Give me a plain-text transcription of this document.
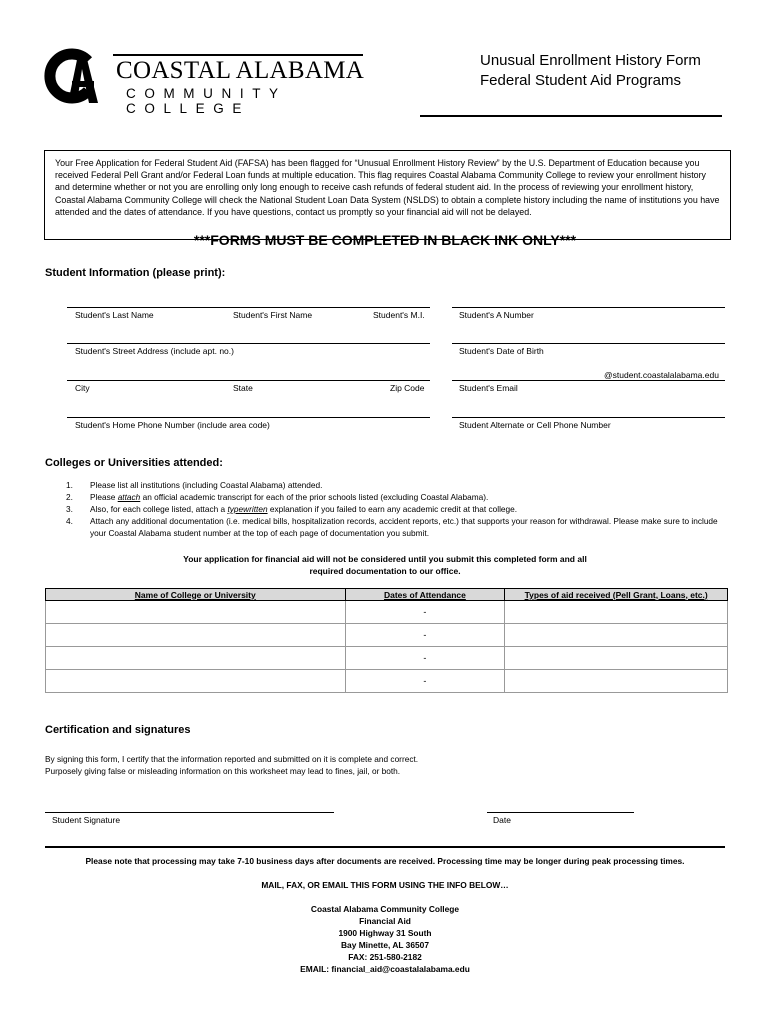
COASTAL ALABAMA
COMMUNITY COLLEGE
Unusual Enrollment History Form
Federal Student Aid Programs
Your Free Application for Federal Student Aid (FAFSA) has been flagged for “Unusual Enrollment History Review” by the U.S. Department of Education because you received Federal Pell Grant and/or Federal Loan funds at multiple education. This flag requires Coastal Alabama Community College to review your enrollment history and determine whether or not you are enrolling only long enough to receive cash refunds of federal student aid. In the process of reviewing your enrollment history, Coastal Alabama Community College will check the National Student Loan Data System (NSLDS) to obtain a complete history including the name of institutions you have attended and the dates of attendance. If you have questions, contact us promptly so your financial aid will not be delayed.
***FORMS MUST BE COMPLETED IN BLACK INK ONLY***
Student Information (please print):
Student's Last Name	Student's First Name	Student's M.I.	Student's A Number
Student's Street Address (include apt. no.)	Student's Date of Birth
@student.coastalalabama.edu
City	State	Zip Code	Student's Email
Student's Home Phone Number (include area code)	Student Alternate or Cell Phone Number
Colleges or Universities attended:
1.	Please list all institutions (including Coastal Alabama) attended.
2.	Please attach an official academic transcript for each of the prior schools listed (excluding Coastal Alabama).
3.	Also, for each college listed, attach a typewritten explanation if you failed to earn any academic credit at that college.
4.	Attach any additional documentation (i.e. medical bills, hospitalization records, accident reports, etc.) that supports your reason for withdrawal. Please make sure to include your Coastal Alabama student number at the top of each page of documentation you submit.
Your application for financial aid will not be considered until you submit this completed form and all
required documentation to our office.
Name of College or University	Dates of Attendance	Types of aid received (Pell Grant, Loans, etc.)
	-	
	-	
	-	
	-	
Certification and signatures
By signing this form, I certify that the information reported and submitted on it is complete and correct.
Purposely giving false or misleading information on this worksheet may lead to fines, jail, or both.
Student Signature	Date
Please note that processing may take 7-10 business days after documents are received. Processing time may be longer during peak processing times.
MAIL, FAX, OR EMAIL THIS FORM USING THE INFO BELOW…
Coastal Alabama Community College
Financial Aid
1900 Highway 31 South
Bay Minette, AL 36507
FAX: 251-580-2182
EMAIL: financial_aid@coastalalabama.edu
